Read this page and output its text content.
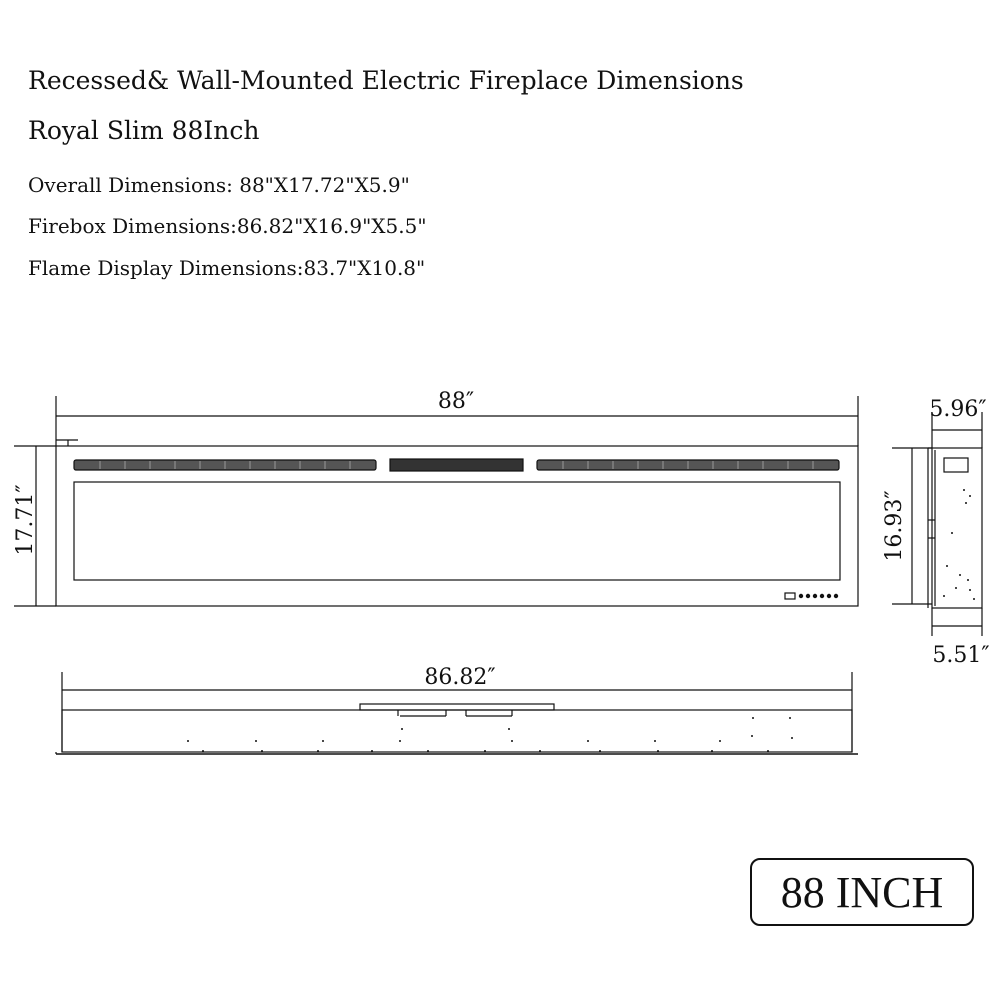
Recessed& Wall-Mounted Electric Fireplace Dimensions
Royal Slim 88Inch
Overall Dimensions: 88"X17.72"X5.9"
Firebox Dimensions:86.82"X16.9"X5.5"
Flame Display Dimensions:83.7"X10.8"
88″
17.71″
5.96″
16.93″
5.51″
86.82″
88 INCH
